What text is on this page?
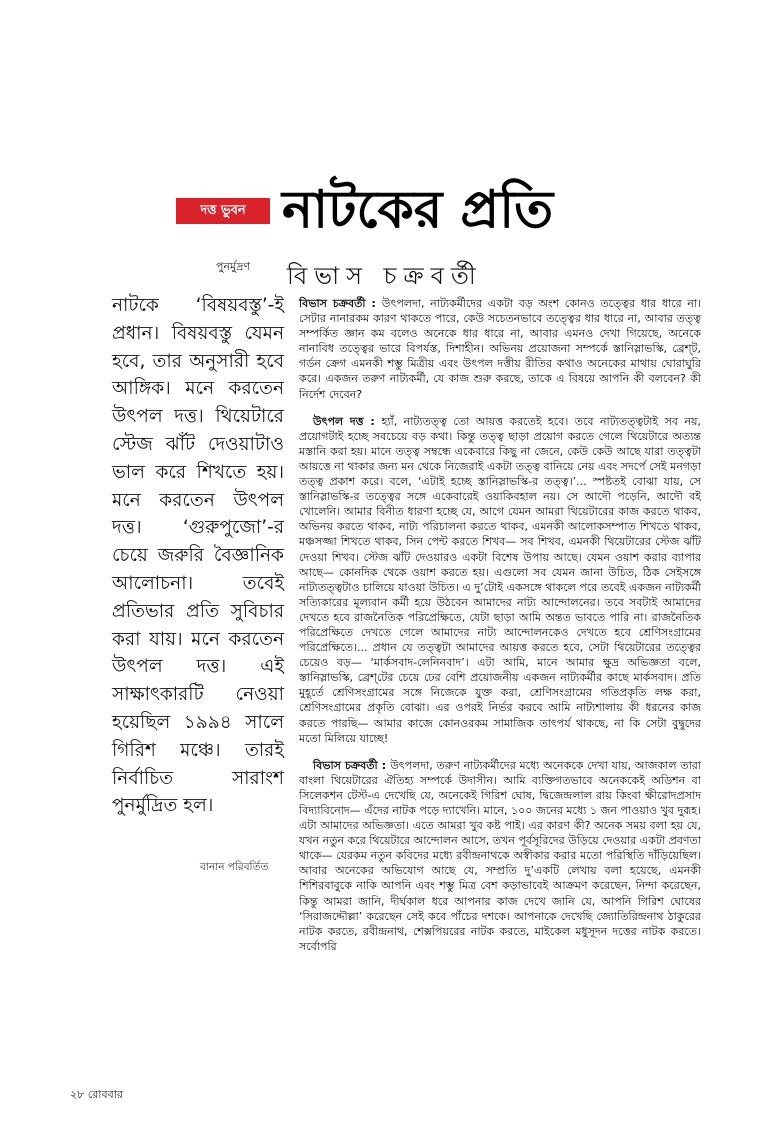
দত্ত ভুবন নাটকের প্রতি
পুনর্মুদ্রণ বিভাস চক্রবর্তী
নাটকে ‘বিষয়বস্তু’-ই প্রধান। বিষয়বস্তু যেমন হবে, তার অনুসারী হবে আঙ্গিক। মনে করতেন উৎপল দত্ত। থিয়েটারে স্টেজ ঝাঁট দেওয়াটাও ভাল করে শিখতে হয়। মনে করতেন উৎপল দত্ত। ‘গুরুপুজো’-র চেয়ে জরুরি বৈজ্ঞানিক আলোচনা। তবেই প্রতিভার প্রতি সুবিচার করা যায়। মনে করতেন উৎপল দত্ত। এই সাক্ষাৎকারটি নেওয়া হয়েছিল ১৯৯৪ সালে গিরিশ মঞ্চে। তারই নির্বাচিত সারাংশ পুনর্মুদ্রিত হল।
বানান পরিবর্তিত

বিভাস চক্রবর্তী : উৎপলদা, নাট্যকর্মীদের একটা বড় অংশ কোনও তত্ত্বের ধার ধারে না। সেটার নানারকম কারণ থাকতে পারে, কেউ সচেতনভাবে তত্ত্বের ধার ধারে না, আবার তত্ত্ব সম্পর্কিত জ্ঞান কম বলেও অনেকে ধার ধারে না, আবার এমনও দেখা গিয়েছে, অনেকে নানাবিধ তত্ত্বের ভারে বিপর্যস্ত, দিশাহীন। অভিনয় প্রয়োজনা সম্পর্কে স্তানিস্লাভস্কি, ব্রেশ্‌ট, গর্ডন ক্রেগ এমনকী শম্ভু মিত্রীয় এবং উৎপল দত্তীয় রীতির কথাও অনেকের মাথায় ঘোরাঘুরি করে। একজন তরুণ নাট্যকর্মী, যে কাজ শুরু করছে, তাকে এ বিষয়ে আপনি কী বলবেন? কী নির্দেশ দেবেন?

উৎপল দত্ত : হ্যাঁ, নাট্যতত্ত্ব তো আয়ত্ত করতেই হবে। তবে নাট্যতত্ত্বটাই সব নয়, প্রয়োগটাই হচ্ছে সবচেয়ে বড় কথা। কিন্তু তত্ত্ব ছাড়া প্রয়োগ করতে গেলে থিয়েটারে অত্যন্ত মস্তানি করা হয়। মানে তত্ত্ব সম্বন্ধে একেবারে কিছু না জেনে, কেউ কেউ আছে যারা তত্ত্বটা আয়ত্তে না থাকার জন্য মন থেকে নিজেরাই একটা তত্ত্ব বানিয়ে নেয় এবং সদর্পে সেই মনগড়া তত্ত্ব প্রকাশ করে। বলে, ‘এটাই হচ্ছে স্তানিস্লাভস্কি-র তত্ত্ব।’... স্পষ্টতই বোঝা যায়, সে স্তানিস্লাভস্কি-র তত্ত্বের সঙ্গে একেবারেই ওয়াকিবহাল নয়। সে আদৌ পড়েনি, আদৌ বই খোলেনি। আমার বিনীত ধারণা হচ্ছে যে, আগে যেমন আমরা থিয়েটারের কাজ করতে থাকব, অভিনয় করতে থাকব, নাট্য পরিচালনা করতে থাকব, এমনকী আলোকসম্পাত শিখতে থাকব, মঞ্চসজ্জা শিখতে থাকব, সিন পেন্ট করতে শিখব— সব শিখব, এমনকী থিয়েটারের স্টেজ ঝাঁট দেওয়া শিখব। স্টেজ ঝাঁট দেওয়ারও একটা বিশেষ উপায় আছে। যেমন ওয়াশ করার ব্যাপার আছে— কোনদিক থেকে ওয়াশ করতে হয়। এগুলো সব যেমন জানা উচিত, ঠিক সেইসঙ্গে নাট্যতত্ত্বটাও চালিয়ে যাওয়া উচিত। এ দু’টোই একসঙ্গে থাকলে পরে তবেই একজন নাট্যকর্মী সত্যিকারের মূল্যবান কর্মী হয়ে উঠবেন আমাদের নাট্য আন্দোলনের। তবে সবটাই আমাদের দেখতে হবে রাজনৈতিক পরিপ্রেক্ষিতে, যেটা ছাড়া আমি অন্তত ভাবতে পারি না। রাজনৈতিক পরিপ্রেক্ষিতে দেখতে গেলে আমাদের নাট্য আন্দোলনকেও দেখতে হবে শ্রেণিসংগ্রামের পরিপ্রেক্ষিতে।... প্রধান যে তত্ত্বটা আমাদের আয়ত্ত করতে হবে, সেটা থিয়েটারের তত্ত্বের চেয়েও বড়— ‘মার্কসবাদ-লেনিনবাদ’। এটা আমি, মানে আমার ক্ষুদ্র অভিজ্ঞতা বলে, স্তানিস্লাভস্কি, ব্রেশ্‌টের চেয়ে ঢের বেশি প্রয়োজনীয় একজন নাট্যকর্মীর কাছে মার্কসবাদ। প্রতি মুহূর্তে শ্রেণিসংগ্রামের সঙ্গে নিজেকে যুক্ত করা, শ্রেণিসংগ্রামের গতিপ্রকৃতি লক্ষ করা, শ্রেণিসংগ্রামের প্রকৃতি বোঝা। এর ওপরই নির্ভর করবে আমি নাট্যশালায় কী ধরনের কাজ করতে পারছি— আমার কাজে কোনওরকম সামাজিক তাৎপর্য থাকছে, না কি সেটা বুদ্বুদের মতো মিলিয়ে যাচ্ছে!

বিভাস চক্রবর্তী : উৎপলদা, তরুণ নাট্যকর্মীদের মধ্যে অনেককে দেখা যায়, আজকাল তারা বাংলা থিয়েটারের ঐতিহ্য সম্পর্কে উদাসীন। আমি ব্যক্তিগতভাবে অনেককেই অডিশন বা সিলেকশন টেস্ট-এ দেখেছি যে, অনেকেই গিরিশ ঘোষ, দ্বিজেন্দ্রলাল রায় কিংবা ক্ষীরোদপ্রসাদ বিদ্যাবিনোদ— এঁদের নাটক পড়ে দ্যাখেনি। মানে, ১০০ জনের মধ্যে ১ জন পাওয়াও খুব দুরূহ। এটা আমাদের অভিজ্ঞতা। এতে আমরা খুব কষ্ট পাই। এর কারণ কী? অনেক সময় বলা হয় যে, যখন নতুন করে থিয়েটারে আন্দোলন আসে, তখন পূর্বসূরিদের উড়িয়ে দেওয়ার একটা প্রবণতা থাকে— যেরকম নতুন কবিদের মধ্যে রবীন্দ্রনাথকে অস্বীকার করার মতো পরিস্থিতি দাঁড়িয়েছিল। আবার অনেকের অভিযোগ আছে যে, সম্প্রতি দু’একটি লেখায় বলা হয়েছে, এমনকী শিশিরবাবুকে নাকি আপনি এবং শম্ভু মিত্র বেশ কড়াভাবেই আক্রমণ করেছেন, নিন্দা করেছেন, কিন্তু আমরা জানি, দীর্ঘকাল ধরে আপনার কাজ দেখে জানি যে, আপনি গিরিশ ঘোষের ‘সিরাজদ্দৌল্লা’ করেছেন সেই কবে পাঁচের দশকে। আপনাকে দেখেছি জ্যোতিরিন্দ্রনাথ ঠাকুরের নাটক করতে, রবীন্দ্রনাথ, শেক্সপিয়রের নাটক করতে, মাইকেল মধুসূদন দত্তের নাটক করতে। সর্বোপরি

২৮ রোববার
